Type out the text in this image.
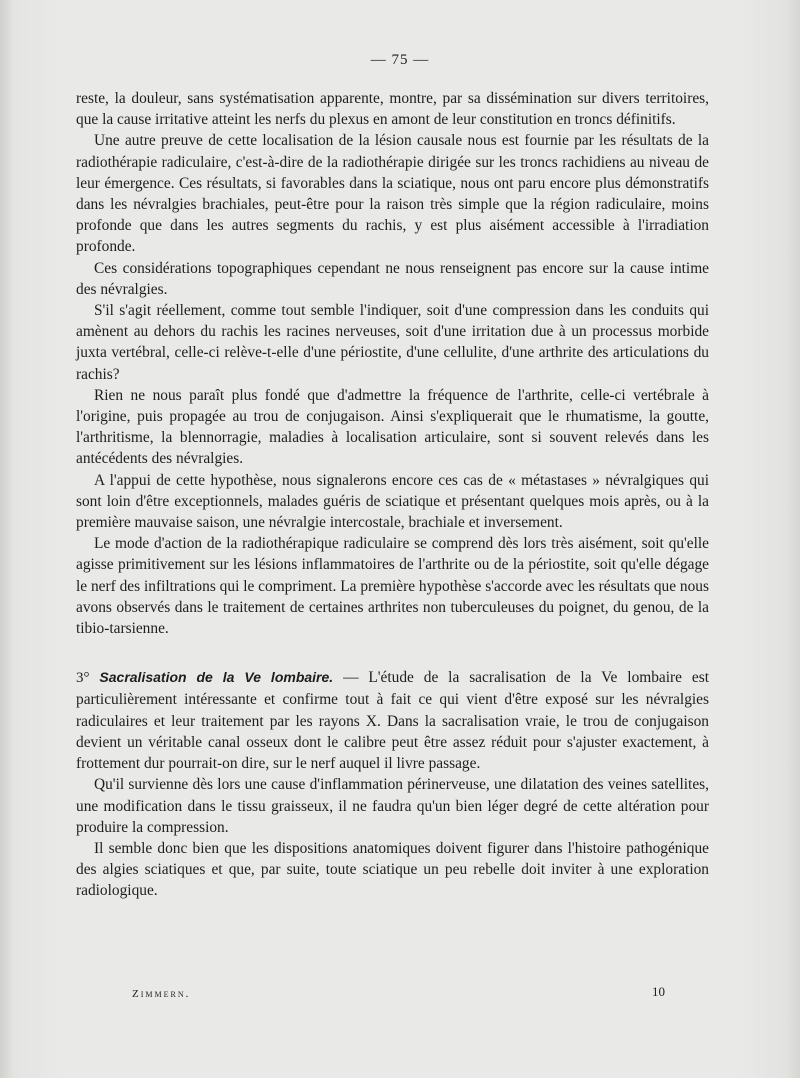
— 75 —

reste, la douleur, sans systématisation apparente, montre, par sa dissémination sur divers territoires, que la cause irritative atteint les nerfs du plexus en amont de leur constitution en troncs définitifs.

Une autre preuve de cette localisation de la lésion causale nous est fournie par les résultats de la radiothérapie radiculaire, c'est-à-dire de la radiothérapie dirigée sur les troncs rachidiens au niveau de leur émergence. Ces résultats, si favorables dans la sciatique, nous ont paru encore plus démonstratifs dans les névralgies brachiales, peut-être pour la raison très simple que la région radiculaire, moins profonde que dans les autres segments du rachis, y est plus aisément accessible à l'irradiation profonde.

Ces considérations topographiques cependant ne nous renseignent pas encore sur la cause intime des névralgies.

S'il s'agit réellement, comme tout semble l'indiquer, soit d'une compression dans les conduits qui amènent au dehors du rachis les racines nerveuses, soit d'une irritation due à un processus morbide juxta vertébral, celle-ci relève-t-elle d'une périostite, d'une cellulite, d'une arthrite des articulations du rachis?

Rien ne nous paraît plus fondé que d'admettre la fréquence de l'arthrite, celle-ci vertébrale à l'origine, puis propagée au trou de conjugaison. Ainsi s'expliquerait que le rhumatisme, la goutte, l'arthritisme, la blennorragie, maladies à localisation articulaire, sont si souvent relevés dans les antécédents des névralgies.

A l'appui de cette hypothèse, nous signalerons encore ces cas de « métastases » névralgiques qui sont loin d'être exceptionnels, malades guéris de sciatique et présentant quelques mois après, ou à la première mauvaise saison, une névralgie intercostale, brachiale et inversement.

Le mode d'action de la radiothérapique radiculaire se comprend dès lors très aisément, soit qu'elle agisse primitivement sur les lésions inflammatoires de l'arthrite ou de la périostite, soit qu'elle dégage le nerf des infiltrations qui le compriment. La première hypothèse s'accorde avec les résultats que nous avons observés dans le traitement de certaines arthrites non tuberculeuses du poignet, du genou, de la tibio-tarsienne.

3° Sacralisation de la Ve lombaire. — L'étude de la sacralisation de la Ve lombaire est particulièrement intéressante et confirme tout à fait ce qui vient d'être exposé sur les névralgies radiculaires et leur traitement par les rayons X. Dans la sacralisation vraie, le trou de conjugaison devient un véritable canal osseux dont le calibre peut être assez réduit pour s'ajuster exactement, à frottement dur pourrait-on dire, sur le nerf auquel il livre passage.

Qu'il survienne dès lors une cause d'inflammation périnerveuse, une dilatation des veines satellites, une modification dans le tissu graisseux, il ne faudra qu'un bien léger degré de cette altération pour produire la compression.

Il semble donc bien que les dispositions anatomiques doivent figurer dans l'histoire pathogénique des algies sciatiques et que, par suite, toute sciatique un peu rebelle doit inviter à une exploration radiologique.

Zimmern.	10
